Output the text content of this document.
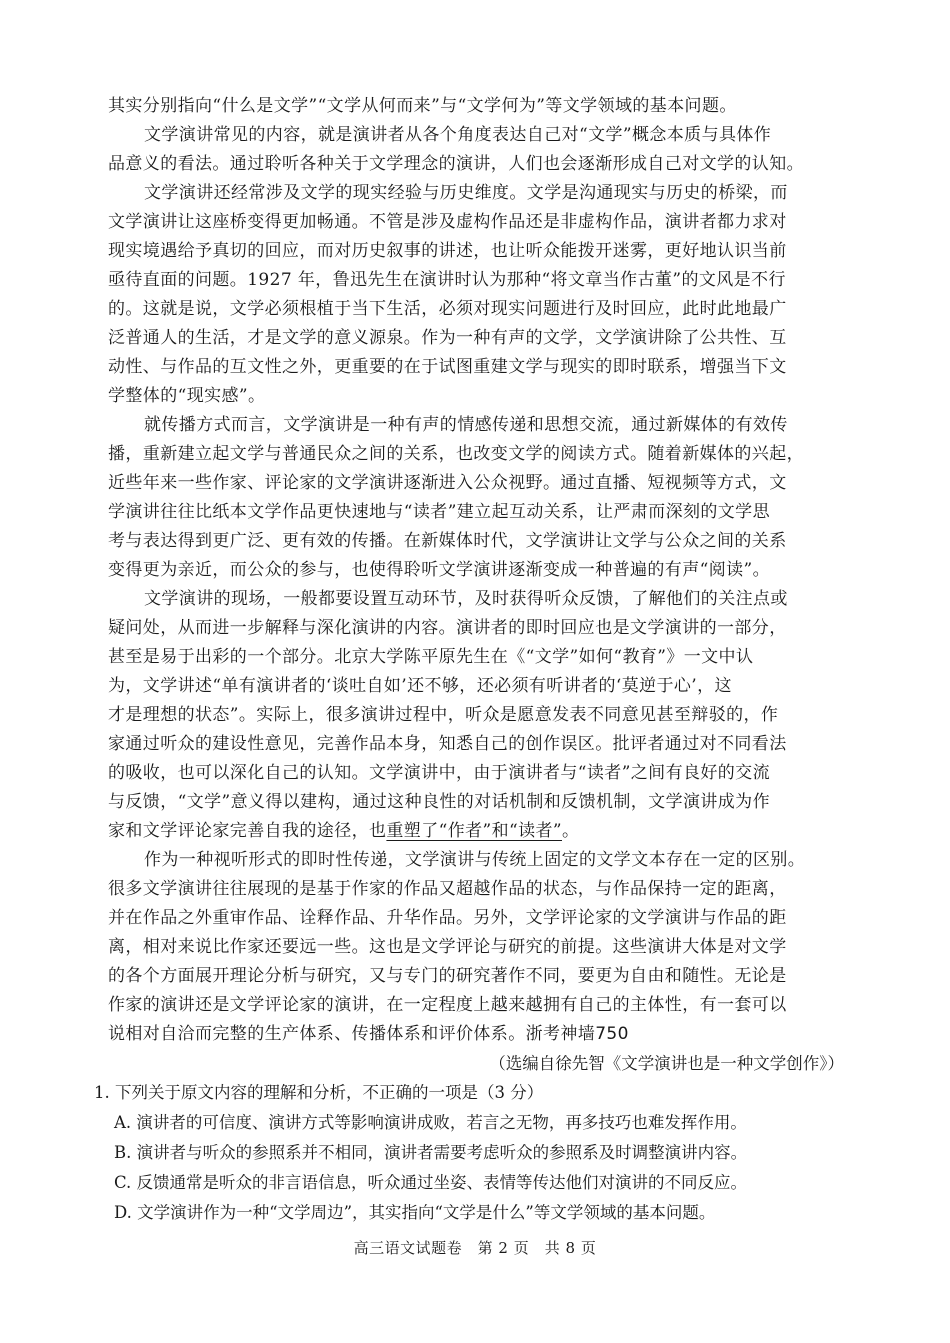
其实分别指向“什么是文学”“文学从何而来”与“文学何为”等文学领域的基本问题。
文学演讲常见的内容，就是演讲者从各个角度表达自己对“文学”概念本质与具体作
品意义的看法。通过聆听各种关于文学理念的演讲，人们也会逐渐形成自己对文学的认知。
文学演讲还经常涉及文学的现实经验与历史维度。文学是沟通现实与历史的桥梁，而
文学演讲让这座桥变得更加畅通。不管是涉及虚构作品还是非虚构作品，演讲者都力求对
现实境遇给予真切的回应，而对历史叙事的讲述，也让听众能拨开迷雾，更好地认识当前
亟待直面的问题。1927 年，鲁迅先生在演讲时认为那种“将文章当作古董”的文风是不行
的。这就是说，文学必须根植于当下生活，必须对现实问题进行及时回应，此时此地最广
泛普通人的生活，才是文学的意义源泉。作为一种有声的文学，文学演讲除了公共性、互
动性、与作品的互文性之外，更重要的在于试图重建文学与现实的即时联系，增强当下文
学整体的“现实感”。
就传播方式而言，文学演讲是一种有声的情感传递和思想交流，通过新媒体的有效传
播，重新建立起文学与普通民众之间的关系，也改变文学的阅读方式。随着新媒体的兴起，
近些年来一些作家、评论家的文学演讲逐渐进入公众视野。通过直播、短视频等方式，文
学演讲往往比纸本文学作品更快速地与“读者”建立起互动关系，让严肃而深刻的文学思
考与表达得到更广泛、更有效的传播。在新媒体时代，文学演讲让文学与公众之间的关系
变得更为亲近，而公众的参与，也使得聆听文学演讲逐渐变成一种普遍的有声“阅读”。
文学演讲的现场，一般都要设置互动环节，及时获得听众反馈，了解他们的关注点或
疑问处，从而进一步解释与深化演讲的内容。演讲者的即时回应也是文学演讲的一部分，
甚至是易于出彩的一个部分。北京大学陈平原先生在《“文学”如何“教育”》一文中认
为，文学讲述“单有演讲者的‘谈吐自如’还不够，还必须有听讲者的‘莫逆于心’，这
才是理想的状态”。实际上，很多演讲过程中，听众是愿意发表不同意见甚至辩驳的，作
家通过听众的建设性意见，完善作品本身，知悉自己的创作误区。批评者通过对不同看法
的吸收，也可以深化自己的认知。文学演讲中，由于演讲者与“读者”之间有良好的交流
与反馈，“文学”意义得以建构，通过这种良性的对话机制和反馈机制，文学演讲成为作
家和文学评论家完善自我的途径，也重塑了“作者”和“读者”。
作为一种视听形式的即时性传递，文学演讲与传统上固定的文学文本存在一定的区别。
很多文学演讲往往展现的是基于作家的作品又超越作品的状态，与作品保持一定的距离，
并在作品之外重审作品、诠释作品、升华作品。另外，文学评论家的文学演讲与作品的距
离，相对来说比作家还要远一些。这也是文学评论与研究的前提。这些演讲大体是对文学
的各个方面展开理论分析与研究，又与专门的研究著作不同，要更为自由和随性。无论是
作家的演讲还是文学评论家的演讲，在一定程度上越来越拥有自己的主体性，有一套可以
说相对自洽而完整的生产体系、传播体系和评价体系。浙考神墙750
（选编自徐先智《文学演讲也是一种文学创作》）
1. 下列关于原文内容的理解和分析，不正确的一项是（3 分）
A. 演讲者的可信度、演讲方式等影响演讲成败，若言之无物，再多技巧也难发挥作用。
B. 演讲者与听众的参照系并不相同，演讲者需要考虑听众的参照系及时调整演讲内容。
C. 反馈通常是听众的非言语信息，听众通过坐姿、表情等传达他们对演讲的不同反应。
D. 文学演讲作为一种“文学周边”，其实指向“文学是什么”等文学领域的基本问题。
高三语文试题卷　第 2 页　共 8 页
